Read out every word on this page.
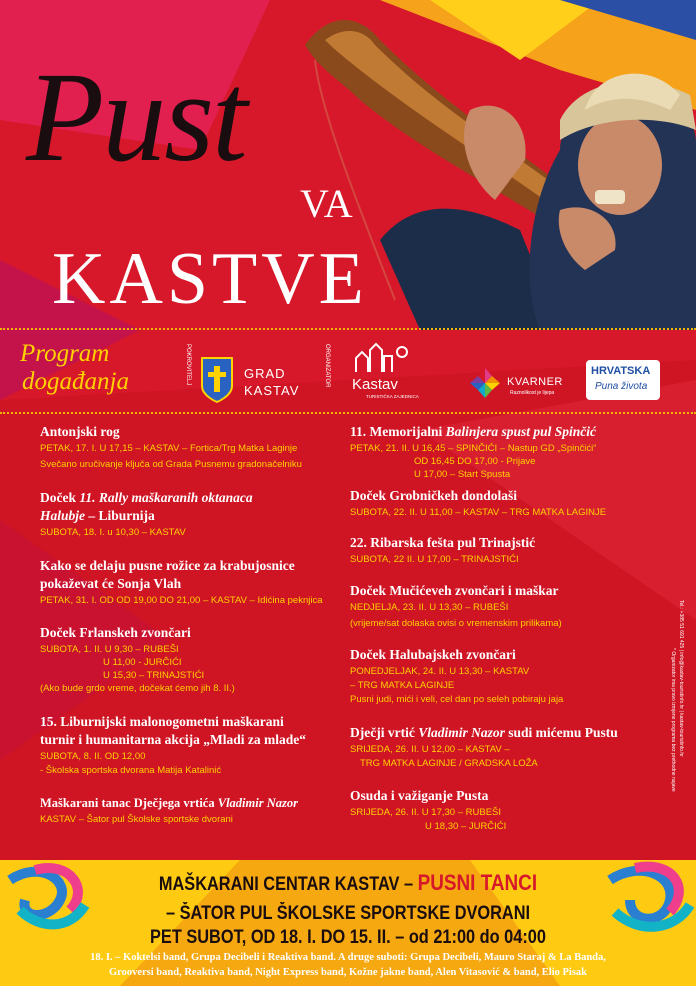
Pust
VA
KASTVE
Program
događanja	POKROVITELJ	GRAD
KASTAV
ORGANIZATOR Kastav
TURISTIČKA ZAJEDNICA
KVARNER
Raznolikost je lijepa
HRVATSKA
Puna života
Antonjski rog
PETAK, 17. I. U 17,15 – KASTAV – Fortica/Trg Matka Laginje
Svečano uručivanje ključa od Grada Pusnemu gradonačelniku
Doček 11. Rally maškaranih oktanaca
Halubje – Liburnija
SUBOTA, 18. I. u 10,30 – KASTAV
Kako se delaju pusne rožice za krabujosnice
pokaževat će Sonja Vlah
PETAK, 31. I. OD OD 19,00 DO 21,00 – KASTAV – Idićina peknjica
Doček Frlanskeh zvončari
SUBOTA, 1. II. U 9,30 – RUBEŠI
U 11,00 - JURČIĆI
U 15,30 – TRINAJSTIĆI
(Ako bude grdo vreme, dočekat ćemo jih 8. II.)
15. Liburnijski malonogometni maškarani
turnir i humanitarna akcija „Mladi za mlade“
SUBOTA, 8. II. OD 12,00
- Školska sportska dvorana Matija Katalinić
Maškarani tanac Dječjega vrtića Vladimir Nazor
KASTAV – Šator pul Školske sportske dvorani
11. Memorijalni Balinjera spust pul Spinčić
PETAK, 21. II. U 16,45 – SPINČIĆI – Nastup GD „Spinčići“
OD 16,45 DO 17,00 - Prijave
U 17,00 – Start Spusta
Doček Grobničkeh dondolaši
SUBOTA, 22. II. U 11,00 – KASTAV – TRG MATKA LAGINJE
22. Ribarska fešta pul Trinajstić
SUBOTA, 22 II. U 17,00 – TRINAJSTIĆI
Doček Mučićeveh zvončari i maškar
NEDJELJA, 23. II. U 13,30 – RUBEŠI
(vrijeme/sat dolaska ovisi o vremenskim prilikama)
Doček Halubajskeh zvončari
PONEDJELJAK, 24. II. U 13,30 – KASTAV
– TRG MATKA LAGINJE
Pusni judi, mići i veli, cel dan po seleh pobiraju jaja
Dječji vrtić Vladimir Nazor sudi mićemu Pustu
SRIJEDA, 26. II. U 12,00 – KASTAV –
TRG MATKA LAGINJE / GRADSKA LOŽA
Osuda i važiganje Pusta
SRIJEDA, 26. II. U 17,30 – RUBEŠI
U 18,30 – JURČIĆI
Tel.: +385 51 691 425 | info@kastav-touristinfo.hr | kastav-touristinfo.hr
* Organizator ima pravo izmjene programa bez prethodne najave
MAŠKARANI CENTAR KASTAV – PUSNI TANCI
– ŠATOR PUL ŠKOLSKE SPORTSKE DVORANI
PET SUBOT, OD 18. I. DO 15. II. – od 21:00 do 04:00
18. I. – Koktelsi band, Grupa Decibeli i Reaktiva band. A druge suboti: Grupa Decibeli, Mauro Staraj & La Banda,
Grooversi band, Reaktiva band, Night Express band, Kožne jakne band, Alen Vitasović & band, Elio Pisak
